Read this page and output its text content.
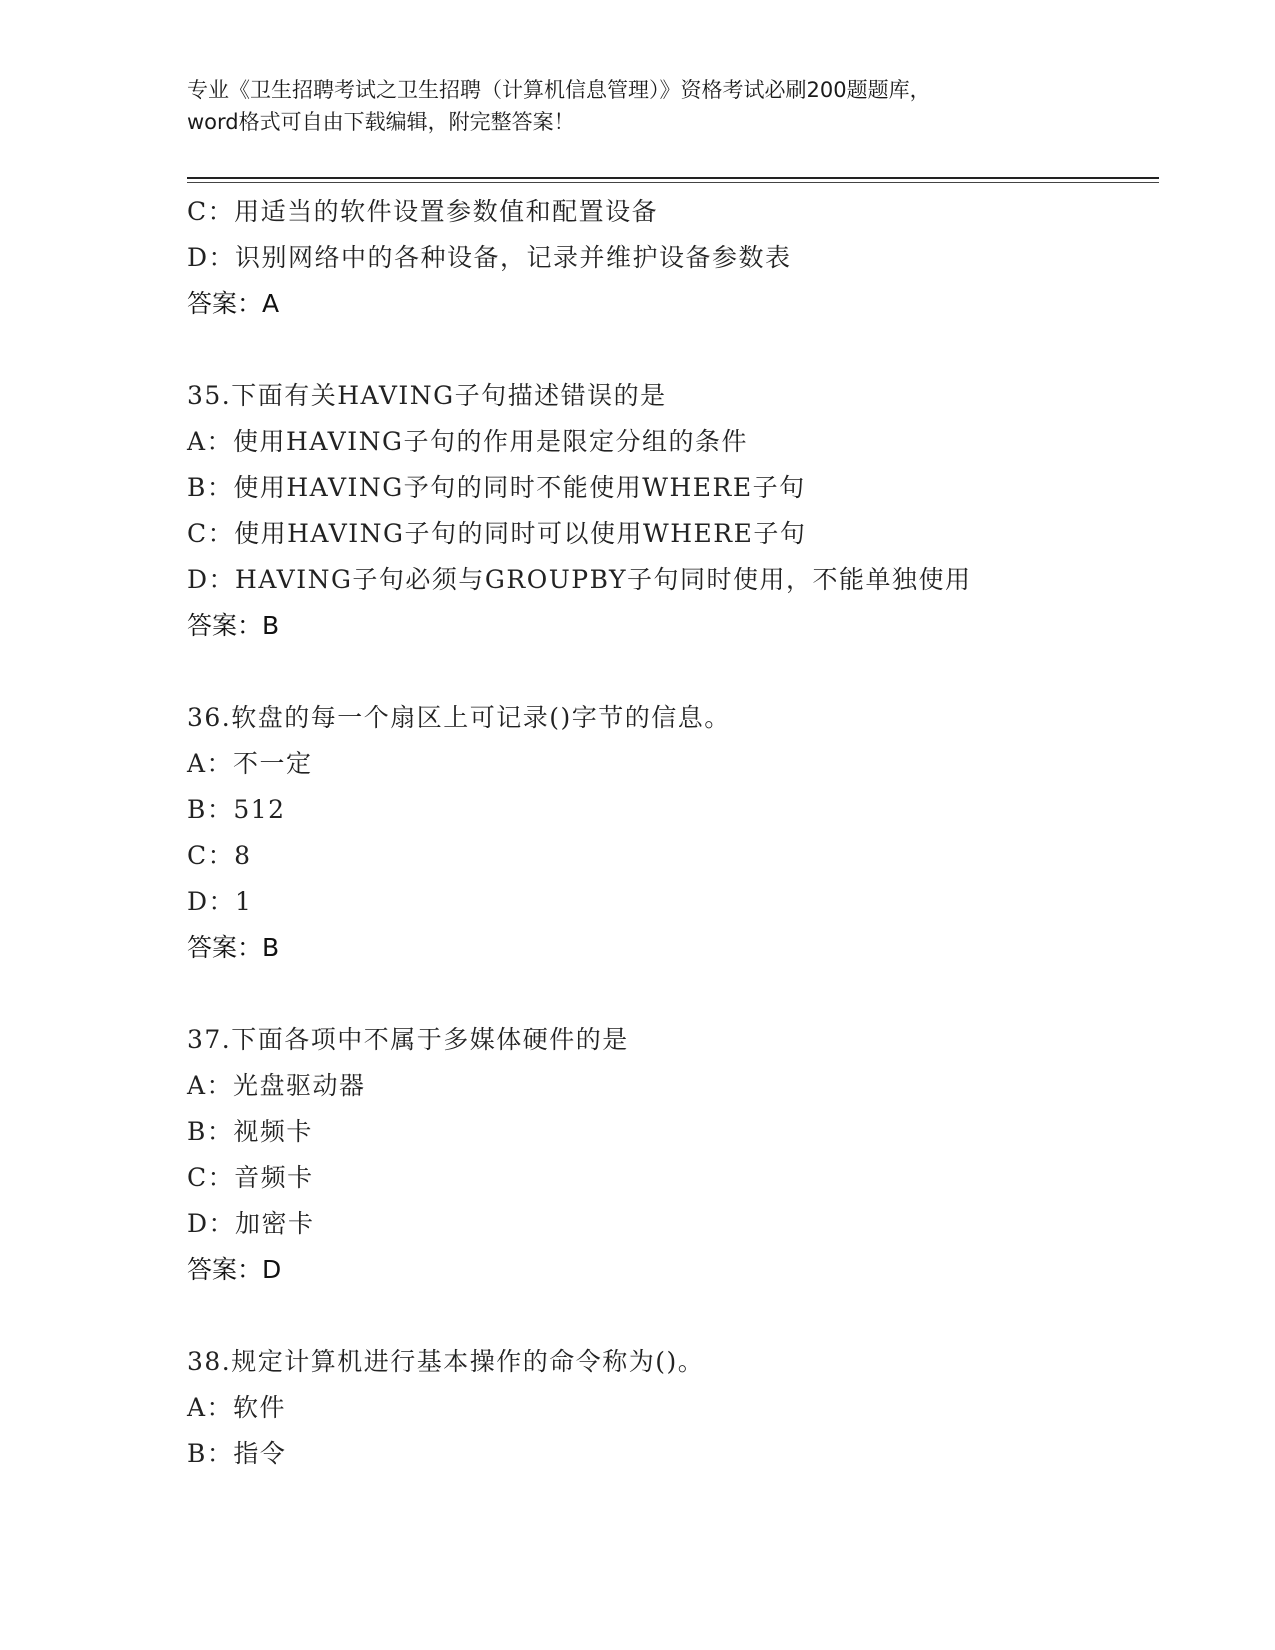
专业《卫生招聘考试之卫生招聘（计算机信息管理）》资格考试必刷200题题库，
word格式可自由下载编辑，附完整答案！
C：用适当的软件设置参数值和配置设备
D：识别网络中的各种设备，记录并维护设备参数表
答案：A
35.下面有关HAVING子句描述错误的是
A：使用HAVING子句的作用是限定分组的条件
B：使用HAVING予句的同时不能使用WHERE子句
C：使用HAVING子句的同时可以使用WHERE子句
D：HAVING子句必须与GROUPBY子句同时使用，不能单独使用
答案：B
36.软盘的每一个扇区上可记录()字节的信息。
A：不一定
B：512
C：8
D：1
答案：B
37.下面各项中不属于多媒体硬件的是
A：光盘驱动器
B：视频卡
C：音频卡
D：加密卡
答案：D
38.规定计算机进行基本操作的命令称为()。
A：软件
B：指令
